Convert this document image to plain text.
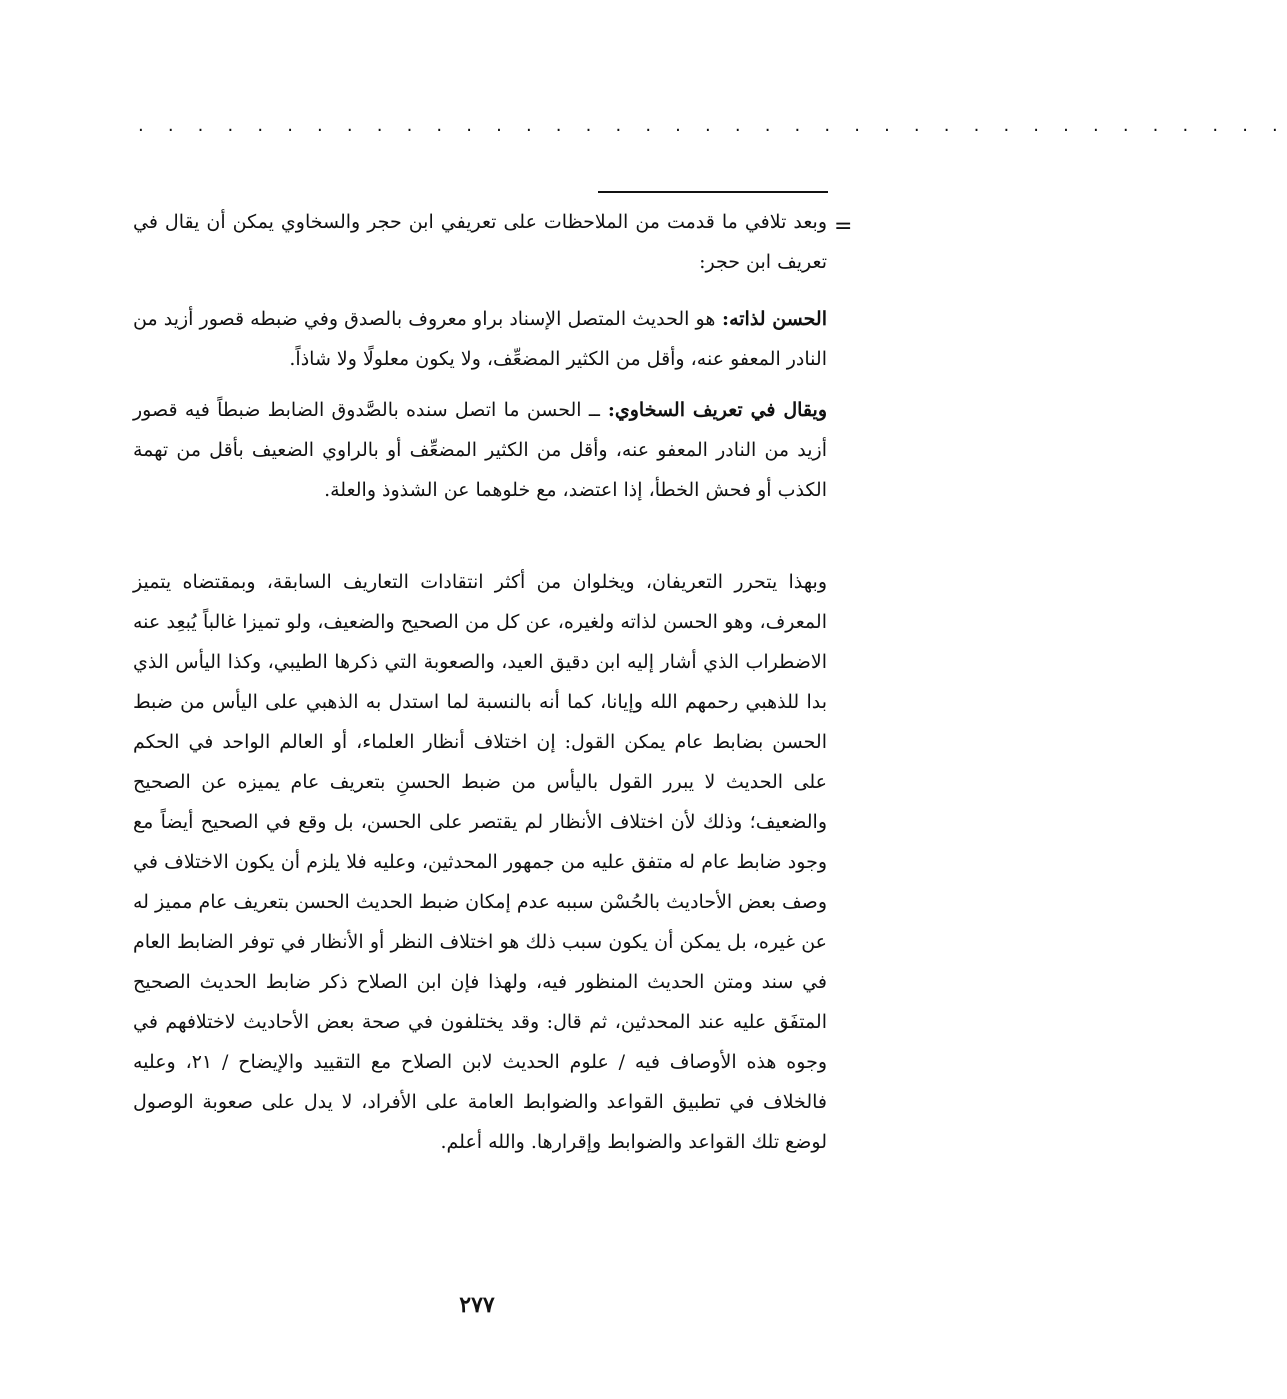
. . . . . . . . . . . . . . . . . . . . . . . . . . . . . . . . . . . . . . .
=

وبعد تلافي ما قدمت من الملاحظات على تعريفي ابن حجر والسخاوي يمكن أن يقال في تعريف ابن حجر:

الحسن لذاته: هو الحديث المتصل الإسناد براو معروف بالصدق وفي ضبطه قصور أزيد من النادر المعفو عنه، وأقل من الكثير المضعِّف، ولا يكون معلولًا ولا شاذاً.

ويقال في تعريف السخاوي: ــ الحسن ما اتصل سنده بالصَّدوق الضابط ضبطاً فيه قصور أزيد من النادر المعفو عنه، وأقل من الكثير المضعِّف أو بالراوي الضعيف بأقل من تهمة الكذب أو فحش الخطأ، إذا اعتضد، مع خلوهما عن الشذوذ والعلة.

وبهذا يتحرر التعريفان، ويخلوان من أكثر انتقادات التعاريف السابقة، وبمقتضاه يتميز المعرف، وهو الحسن لذاته ولغيره، عن كل من الصحيح والضعيف، ولو تميزا غالباً يُبعِد عنه الاضطراب الذي أشار إليه ابن دقيق العيد، والصعوبة التي ذكرها الطيبي، وكذا اليأس الذي بدا للذهبي رحمهم الله وإيانا، كما أنه بالنسبة لما استدل به الذهبي على اليأس من ضبط الحسن بضابط عام يمكن القول: إن اختلاف أنظار العلماء، أو العالم الواحد في الحكم على الحديث لا يبرر القول باليأس من ضبط الحسنِ بتعريف عام يميزه عن الصحيح والضعيف؛ وذلك لأن اختلاف الأنظار لم يقتصر على الحسن، بل وقع في الصحيح أيضاً مع وجود ضابط عام له متفق عليه من جمهور المحدثين، وعليه فلا يلزم أن يكون الاختلاف في وصف بعض الأحاديث بالحُسْن سببه عدم إمكان ضبط الحديث الحسن بتعريف عام مميز له عن غيره، بل يمكن أن يكون سبب ذلك هو اختلاف النظر أو الأنظار في توفر الضابط العام في سند ومتن الحديث المنظور فيه، ولهذا فإن ابن الصلاح ذكر ضابط الحديث الصحيح المتفَق عليه عند المحدثين، ثم قال: وقد يختلفون في صحة بعض الأحاديث لاختلافهم في وجوه هذه الأوصاف فيه / علوم الحديث لابن الصلاح مع التقييد والإيضاح / ٢١، وعليه فالخلاف في تطبيق القواعد والضوابط العامة على الأفراد، لا يدل على صعوبة الوصول لوضع تلك القواعد والضوابط وإقرارها. والله أعلم.

٢٧٧
